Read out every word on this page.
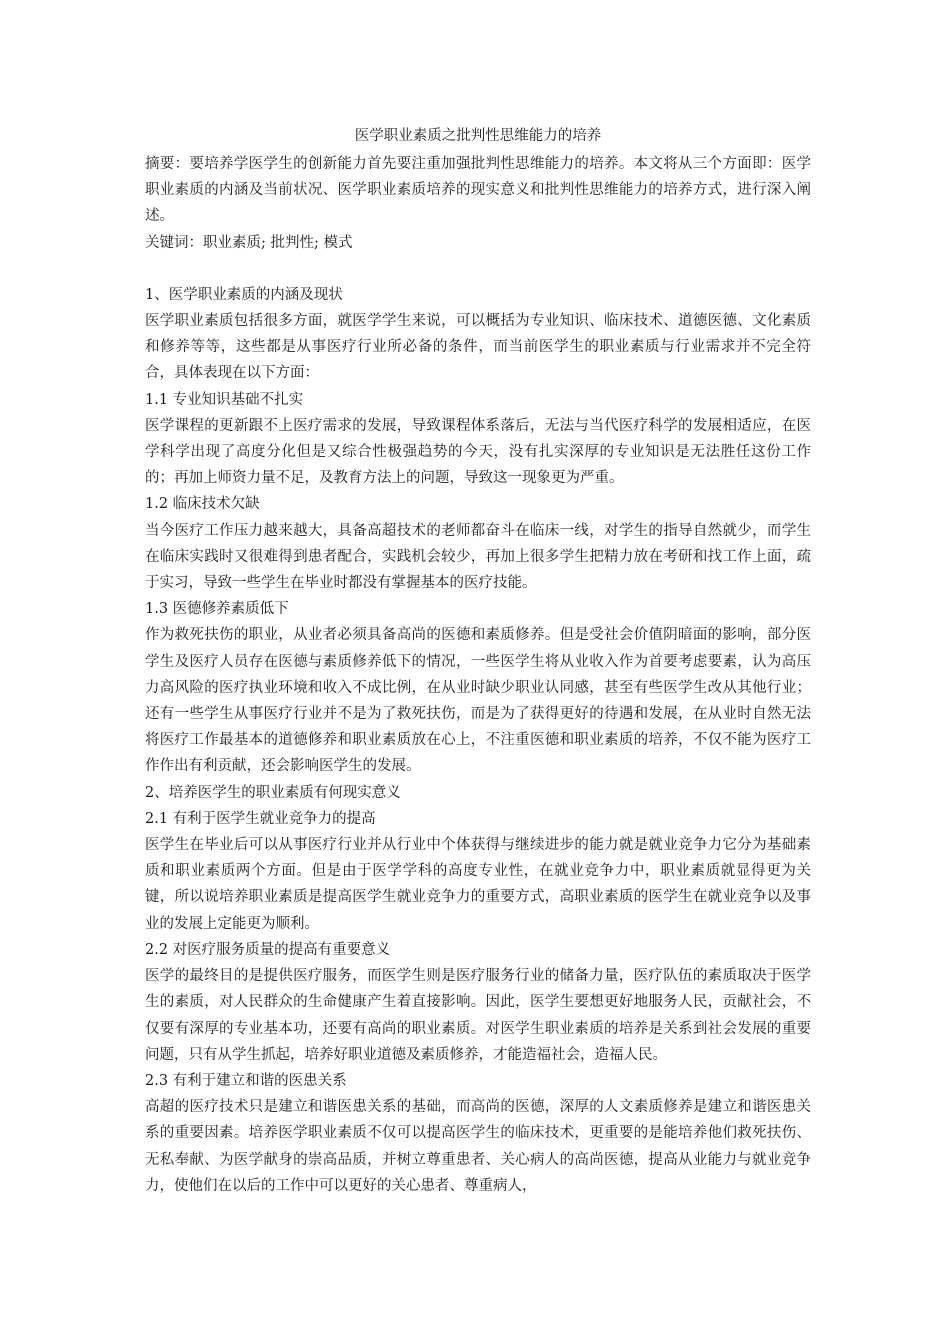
医学职业素质之批判性思维能力的培养

摘要：要培养学医学生的创新能力首先要注重加强批判性思维能力的培养。本文将从三个方面即：医学职业素质的内涵及当前状况、医学职业素质培养的现实意义和批判性思维能力的培养方式，进行深入阐述。

关键词：职业素质; 批判性; 模式

1、医学职业素质的内涵及现状

医学职业素质包括很多方面，就医学学生来说，可以概括为专业知识、临床技术、道德医德、文化素质和修养等等，这些都是从事医疗行业所必备的条件，而当前医学生的职业素质与行业需求并不完全符合，具体表现在以下方面：

1.1 专业知识基础不扎实

医学课程的更新跟不上医疗需求的发展，导致课程体系落后，无法与当代医疗科学的发展相适应，在医学科学出现了高度分化但是又综合性极强趋势的今天，没有扎实深厚的专业知识是无法胜任这份工作的；再加上师资力量不足，及教育方法上的问题，导致这一现象更为严重。

1.2 临床技术欠缺

当今医疗工作压力越来越大，具备高超技术的老师都奋斗在临床一线，对学生的指导自然就少，而学生在临床实践时又很难得到患者配合，实践机会较少，再加上很多学生把精力放在考研和找工作上面，疏于实习，导致一些学生在毕业时都没有掌握基本的医疗技能。

1.3 医德修养素质低下

作为救死扶伤的职业，从业者必须具备高尚的医德和素质修养。但是受社会价值阴暗面的影响，部分医学生及医疗人员存在医德与素质修养低下的情况，一些医学生将从业收入作为首要考虑要素，认为高压力高风险的医疗执业环境和收入不成比例，在从业时缺少职业认同感，甚至有些医学生改从其他行业；还有一些学生从事医疗行业并不是为了救死扶伤，而是为了获得更好的待遇和发展，在从业时自然无法将医疗工作最基本的道德修养和职业素质放在心上，不注重医德和职业素质的培养，不仅不能为医疗工作作出有利贡献，还会影响医学生的发展。

2、培养医学生的职业素质有何现实意义
2.1 有利于医学生就业竞争力的提高

医学生在毕业后可以从事医疗行业并从行业中个体获得与继续进步的能力就是就业竞争力它分为基础素质和职业素质两个方面。但是由于医学学科的高度专业性，在就业竞争力中，职业素质就显得更为关键，所以说培养职业素质是提高医学生就业竞争力的重要方式，高职业素质的医学生在就业竞争以及事业的发展上定能更为顺利。

2.2 对医疗服务质量的提高有重要意义

医学的最终目的是提供医疗服务，而医学生则是医疗服务行业的储备力量，医疗队伍的素质取决于医学生的素质，对人民群众的生命健康产生着直接影响。因此，医学生要想更好地服务人民，贡献社会，不仅要有深厚的专业基本功，还要有高尚的职业素质。对医学生职业素质的培养是关系到社会发展的重要问题，只有从学生抓起，培养好职业道德及素质修养，才能造福社会，造福人民。

2.3 有利于建立和谐的医患关系

高超的医疗技术只是建立和谐医患关系的基础，而高尚的医德，深厚的人文素质修养是建立和谐医患关系的重要因素。培养医学职业素质不仅可以提高医学生的临床技术，更重要的是能培养他们救死扶伤、无私奉献、为医学献身的崇高品质，并树立尊重患者、关心病人的高尚医德，提高从业能力与就业竞争力，使他们在以后的工作中可以更好的关心患者、尊重病人，
